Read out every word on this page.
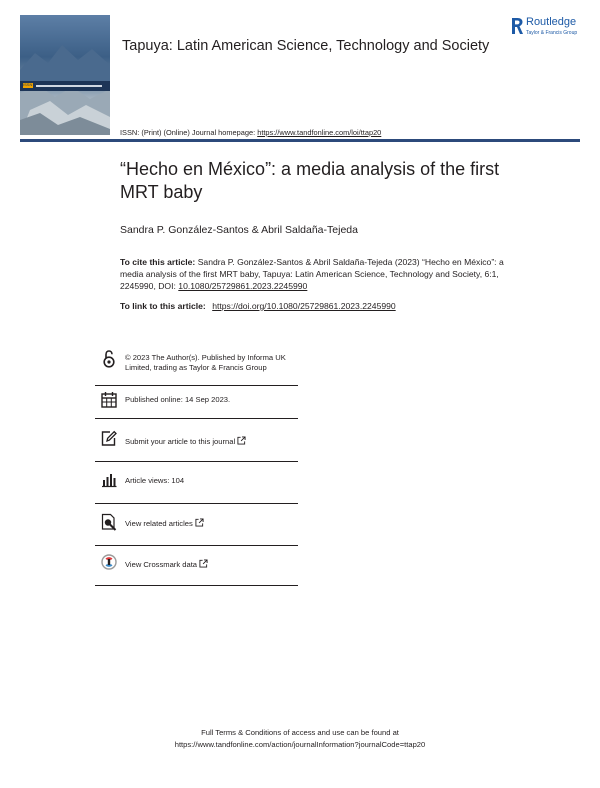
ISSN
Tapuya: Latin American Science, Technology and Society
Routledge
Taylor & Francis Group
ISSN: (Print) (Online) Journal homepage: https://www.tandfonline.com/loi/ttap20
“Hecho en México”: a media analysis of the first MRT baby
Sandra P. González-Santos & Abril Saldaña-Tejeda
To cite this article: Sandra P. González-Santos & Abril Saldaña-Tejeda (2023) “Hecho en México”: a media analysis of the first MRT baby, Tapuya: Latin American Science, Technology and Society, 6:1, 2245990, DOI: 10.1080/25729861.2023.2245990
To link to this article: https://doi.org/10.1080/25729861.2023.2245990
© 2023 The Author(s). Published by Informa UK Limited, trading as Taylor & Francis Group
Published online: 14 Sep 2023.
Submit your article to this journal
Article views: 104
View related articles
View Crossmark data
Full Terms & Conditions of access and use can be found at
https://www.tandfonline.com/action/journalInformation?journalCode=ttap20
